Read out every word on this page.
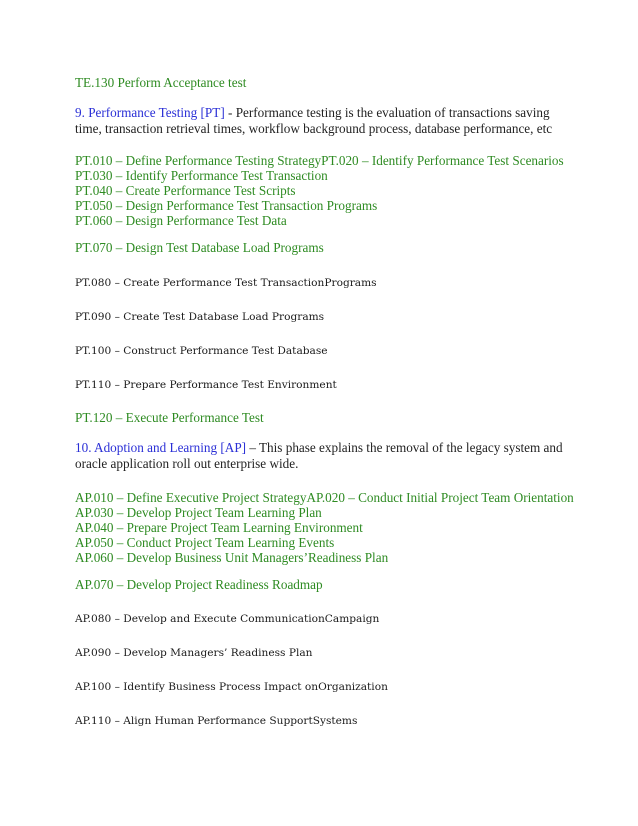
TE.130 Perform Acceptance test
9. Performance Testing [PT] - Performance testing is the evaluation of transactions saving time, transaction retrieval times, workflow background process, database performance, etc
PT.010 – Define Performance Testing StrategyPT.020 – Identify Performance Test Scenarios
PT.030 – Identify Performance Test Transaction
PT.040 – Create Performance Test Scripts
PT.050 – Design Performance Test Transaction Programs
PT.060 – Design Performance Test Data
PT.070 – Design Test Database Load Programs
PT.080 – Create Performance Test TransactionPrograms
PT.090 – Create Test Database Load Programs
PT.100 – Construct Performance Test Database
PT.110 – Prepare Performance Test Environment
PT.120 – Execute Performance Test
10. Adoption and Learning [AP] – This phase explains the removal of the legacy system and oracle application roll out enterprise wide.
AP.010 – Define Executive Project StrategyAP.020 – Conduct Initial Project Team Orientation
AP.030 – Develop Project Team Learning Plan
AP.040 – Prepare Project Team Learning Environment
AP.050 – Conduct Project Team Learning Events
AP.060 – Develop Business Unit Managers’Readiness Plan
AP.070 – Develop Project Readiness Roadmap
AP.080 – Develop and Execute CommunicationCampaign
AP.090 – Develop Managers’ Readiness Plan
AP.100 – Identify Business Process Impact onOrganization
AP.110 – Align Human Performance SupportSystems
